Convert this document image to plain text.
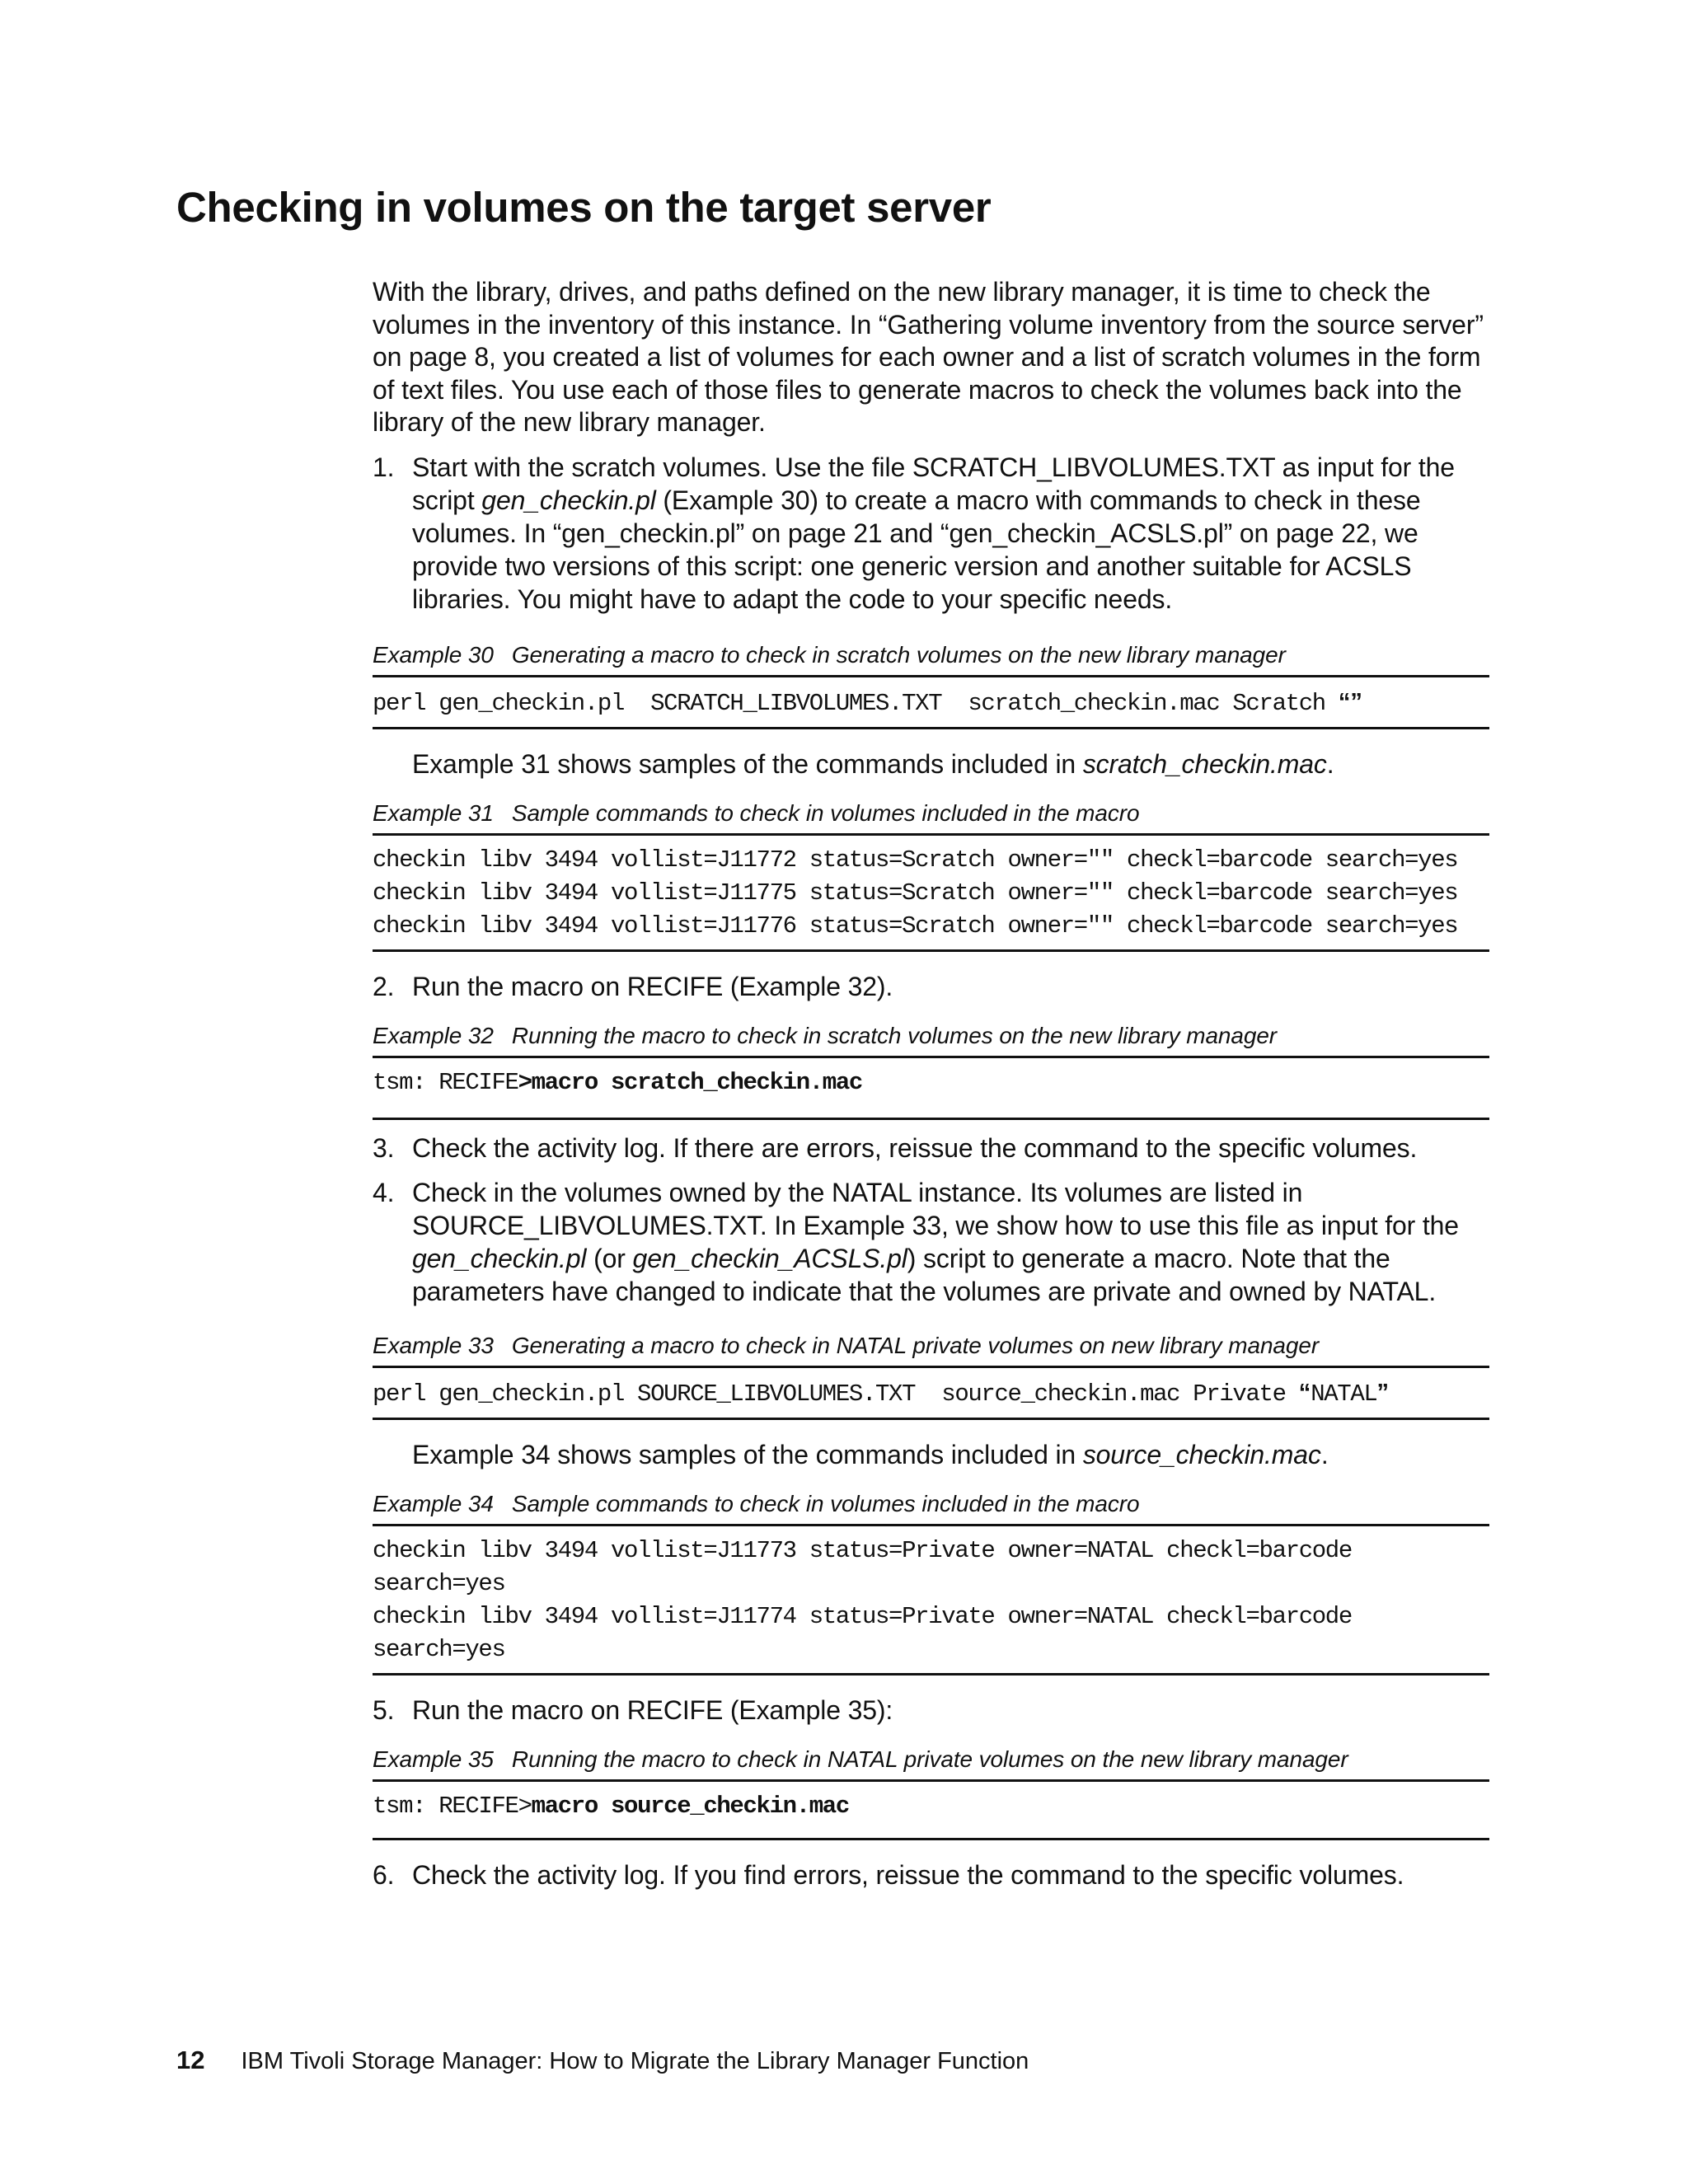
Checking in volumes on the target server

With the library, drives, and paths defined on the new library manager, it is time to check the volumes in the inventory of this instance. In “Gathering volume inventory from the source server” on page 8, you created a list of volumes for each owner and a list of scratch volumes in the form of text files. You use each of those files to generate macros to check the volumes back into the library of the new library manager.

1. Start with the scratch volumes. Use the file SCRATCH_LIBVOLUMES.TXT as input for the script gen_checkin.pl (Example 30) to create a macro with commands to check in these volumes. In “gen_checkin.pl” on page 21 and “gen_checkin_ACSLS.pl” on page 22, we provide two versions of this script: one generic version and another suitable for ACSLS libraries. You might have to adapt the code to your specific needs.
Example 30 Generating a macro to check in scratch volumes on the new library manager
perl gen_checkin.pl  SCRATCH_LIBVOLUMES.TXT  scratch_checkin.mac Scratch “”
Example 31 shows samples of the commands included in scratch_checkin.mac.
Example 31 Sample commands to check in volumes included in the macro
checkin libv 3494 vollist=J11772 status=Scratch owner="" checkl=barcode search=yes
checkin libv 3494 vollist=J11775 status=Scratch owner="" checkl=barcode search=yes
checkin libv 3494 vollist=J11776 status=Scratch owner="" checkl=barcode search=yes
2. Run the macro on RECIFE (Example 32).
Example 32 Running the macro to check in scratch volumes on the new library manager
tsm: RECIFE>macro scratch_checkin.mac
3. Check the activity log. If there are errors, reissue the command to the specific volumes.
4. Check in the volumes owned by the NATAL instance. Its volumes are listed in SOURCE_LIBVOLUMES.TXT. In Example 33, we show how to use this file as input for the gen_checkin.pl (or gen_checkin_ACSLS.pl) script to generate a macro. Note that the parameters have changed to indicate that the volumes are private and owned by NATAL.
Example 33 Generating a macro to check in NATAL private volumes on new library manager
perl gen_checkin.pl SOURCE_LIBVOLUMES.TXT  source_checkin.mac Private “NATAL”
Example 34 shows samples of the commands included in source_checkin.mac.
Example 34 Sample commands to check in volumes included in the macro
checkin libv 3494 vollist=J11773 status=Private owner=NATAL checkl=barcode
search=yes
checkin libv 3494 vollist=J11774 status=Private owner=NATAL checkl=barcode
search=yes
5. Run the macro on RECIFE (Example 35):
Example 35 Running the macro to check in NATAL private volumes on the new library manager
tsm: RECIFE>macro source_checkin.mac
6. Check the activity log. If you find errors, reissue the command to the specific volumes.
12 IBM Tivoli Storage Manager: How to Migrate the Library Manager Function
